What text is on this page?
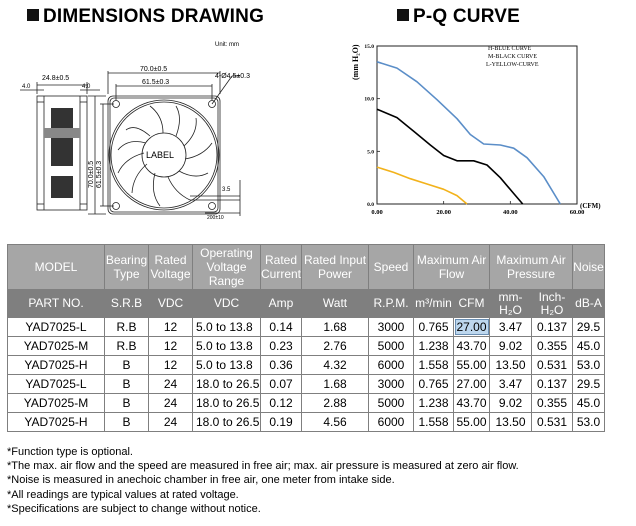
DIMENSIONS DRAWING	P-Q CURVE
Unit: mm
24.8±0.5
4.0	4.0
LABEL
70.0±0.5
61.5±0.3
4-Ø4.5±0.3
70.0±0.5 61.5±0.3
3.5
200±10
(mm H₂O)
0.00	20.00	40.00	60.00
0.0
5.0
10.0
15.0	H-BLUE CURVE
M-BLACK CURVE
L-YELLOW-CURVE
(CFM)
MODEL	Bearing Type	Rated Voltage	Operating Voltage Range	Rated Current	Rated Input Power	Speed	Maximum Air Flow		Maximum Air Pressure		Noise
PART NO.	S.R.B	VDC	VDC	Amp	Watt	R.P.M.	m³/min	CFM	mm-H₂O	Inch-H₂O	dB-A
YAD7025-L	R.B	12	5.0 to 13.8	0.14	1.68	3000	0.765	27.00	3.47	0.137	29.5
YAD7025-M	R.B	12	5.0 to 13.8	0.23	2.76	5000	1.238	43.70	9.02	0.355	45.0
YAD7025-H	B	12	5.0 to 13.8	0.36	4.32	6000	1.558	55.00	13.50	0.531	53.0
YAD7025-L	B	24	18.0 to 26.5	0.07	1.68	3000	0.765	27.00	3.47	0.137	29.5
YAD7025-M	B	24	18.0 to 26.5	0.12	2.88	5000	1.238	43.70	9.02	0.355	45.0
YAD7025-H	B	24	18.0 to 26.5	0.19	4.56	6000	1.558	55.00	13.50	0.531	53.0
*Function type is optional.
*The max. air flow and the speed are measured in free air; max. air pressure is measured at zero air flow.
*Noise is measured in anechoic chamber in free air, one meter from intake side.
*All readings are typical values at rated voltage.
*Specifications are subject to change without notice.
